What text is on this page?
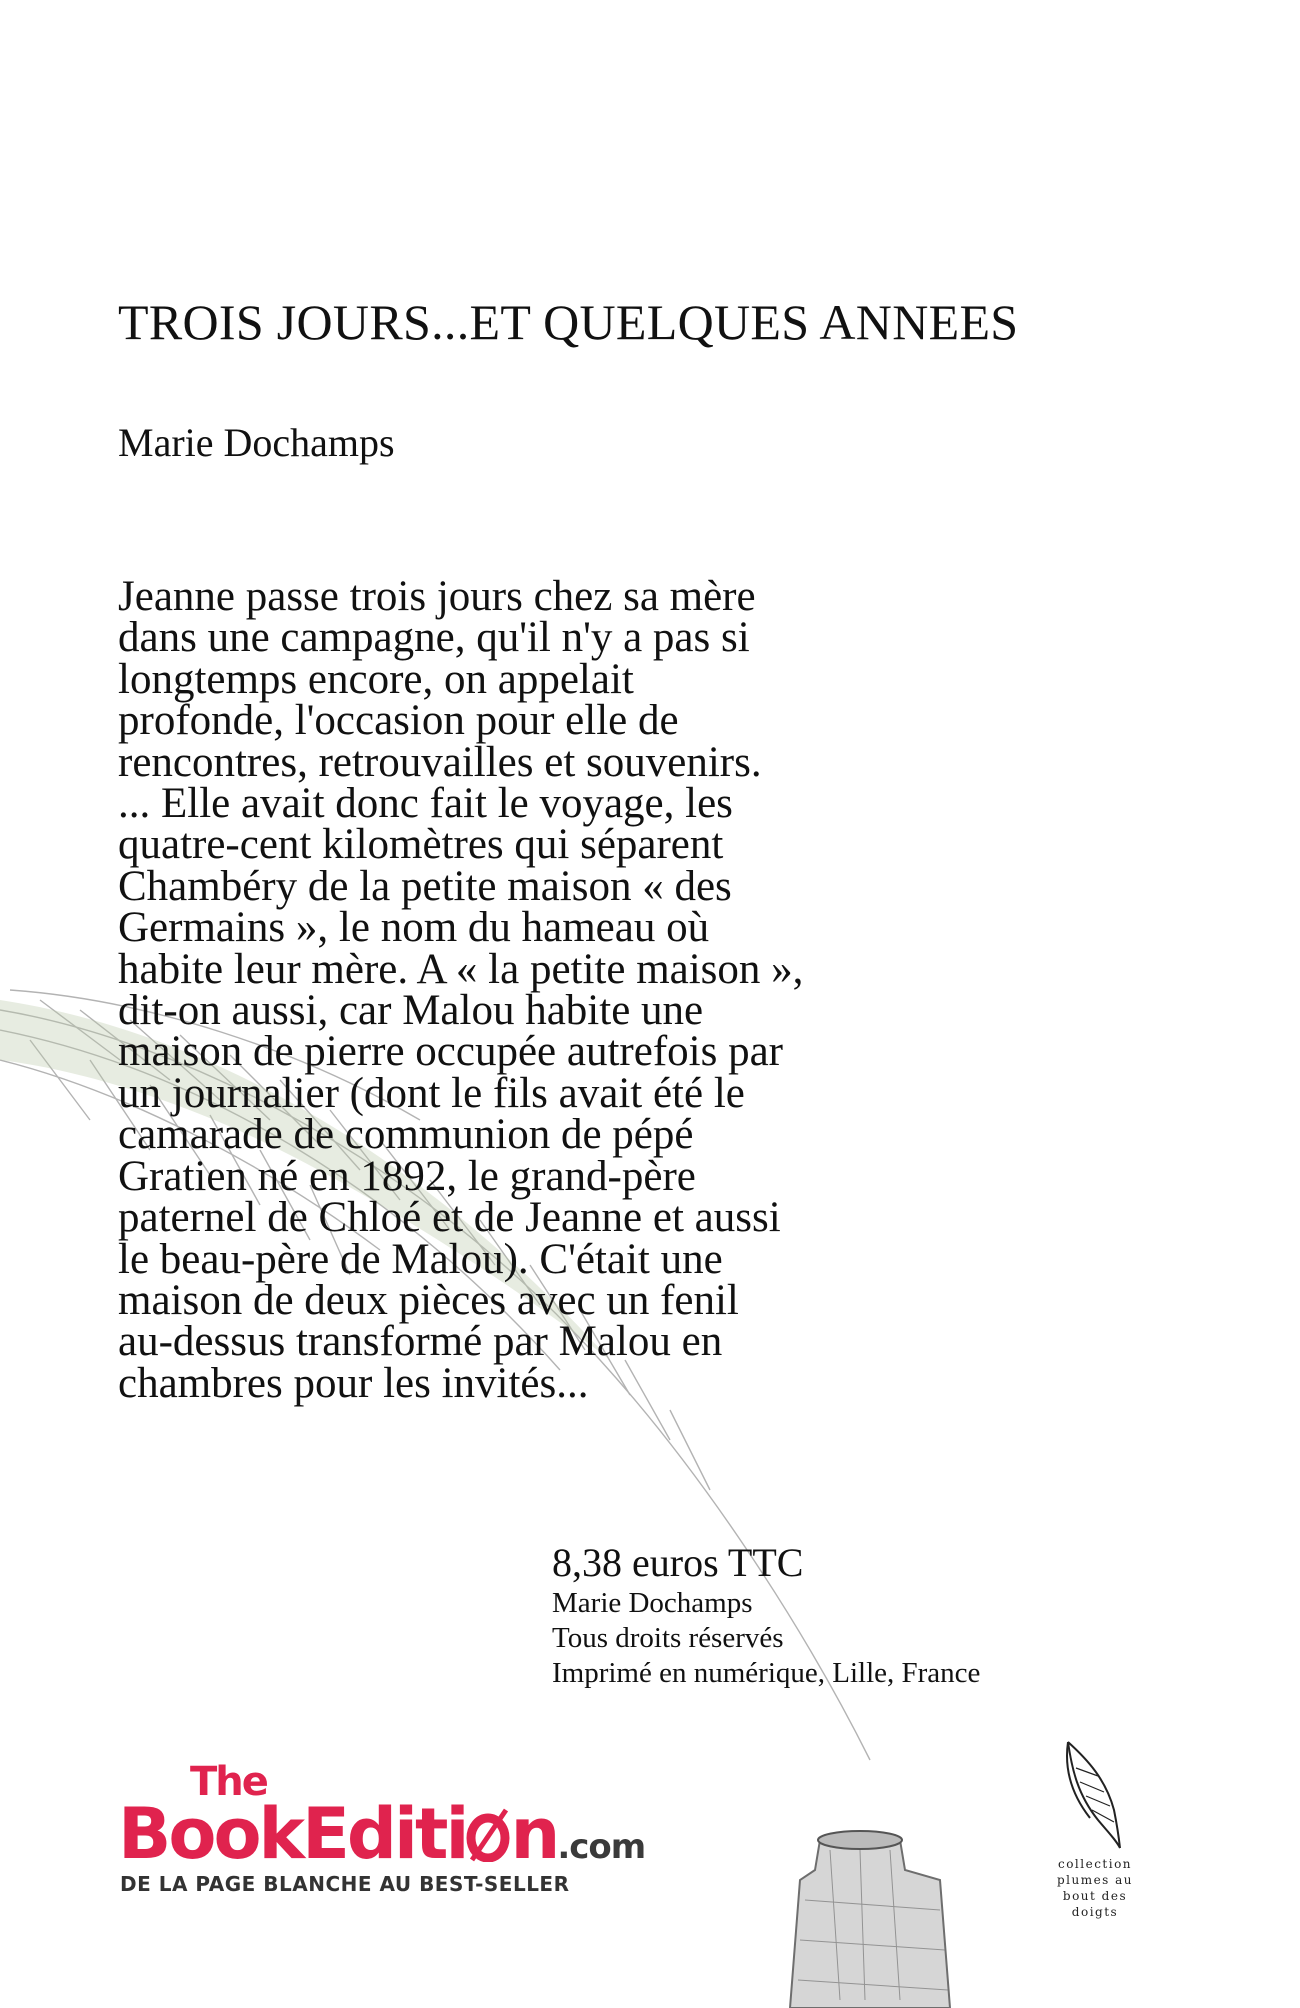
TROIS JOURS...ET QUELQUES ANNEES
Marie Dochamps

Jeanne passe trois jours chez sa mère
dans une campagne, qu'il n'y a pas si
longtemps encore, on appelait
profonde, l'occasion pour elle de
rencontres, retrouvailles et souvenirs.
... Elle avait donc fait le voyage, les
quatre-cent kilomètres qui séparent
Chambéry de la petite maison « des
Germains », le nom du hameau où
habite leur mère. A « la petite maison »,
dit-on aussi, car Malou habite une
maison de pierre occupée autrefois par
un journalier (dont le fils avait été le
camarade de communion de pépé
Gratien né en 1892, le grand-père
paternel de Chloé et de Jeanne et aussi
le beau-père de Malou). C'était une
maison de deux pièces avec un fenil
au-dessus transformé par Malou en
chambres pour les invités...

8,38 euros TTC
Marie Dochamps
Tous droits réservés
Imprimé en numérique, Lille, France
The
BookEditi n.com
DE LA PAGE BLANCHE AU BEST-SELLER
collection
plumes au
bout des
doigts
